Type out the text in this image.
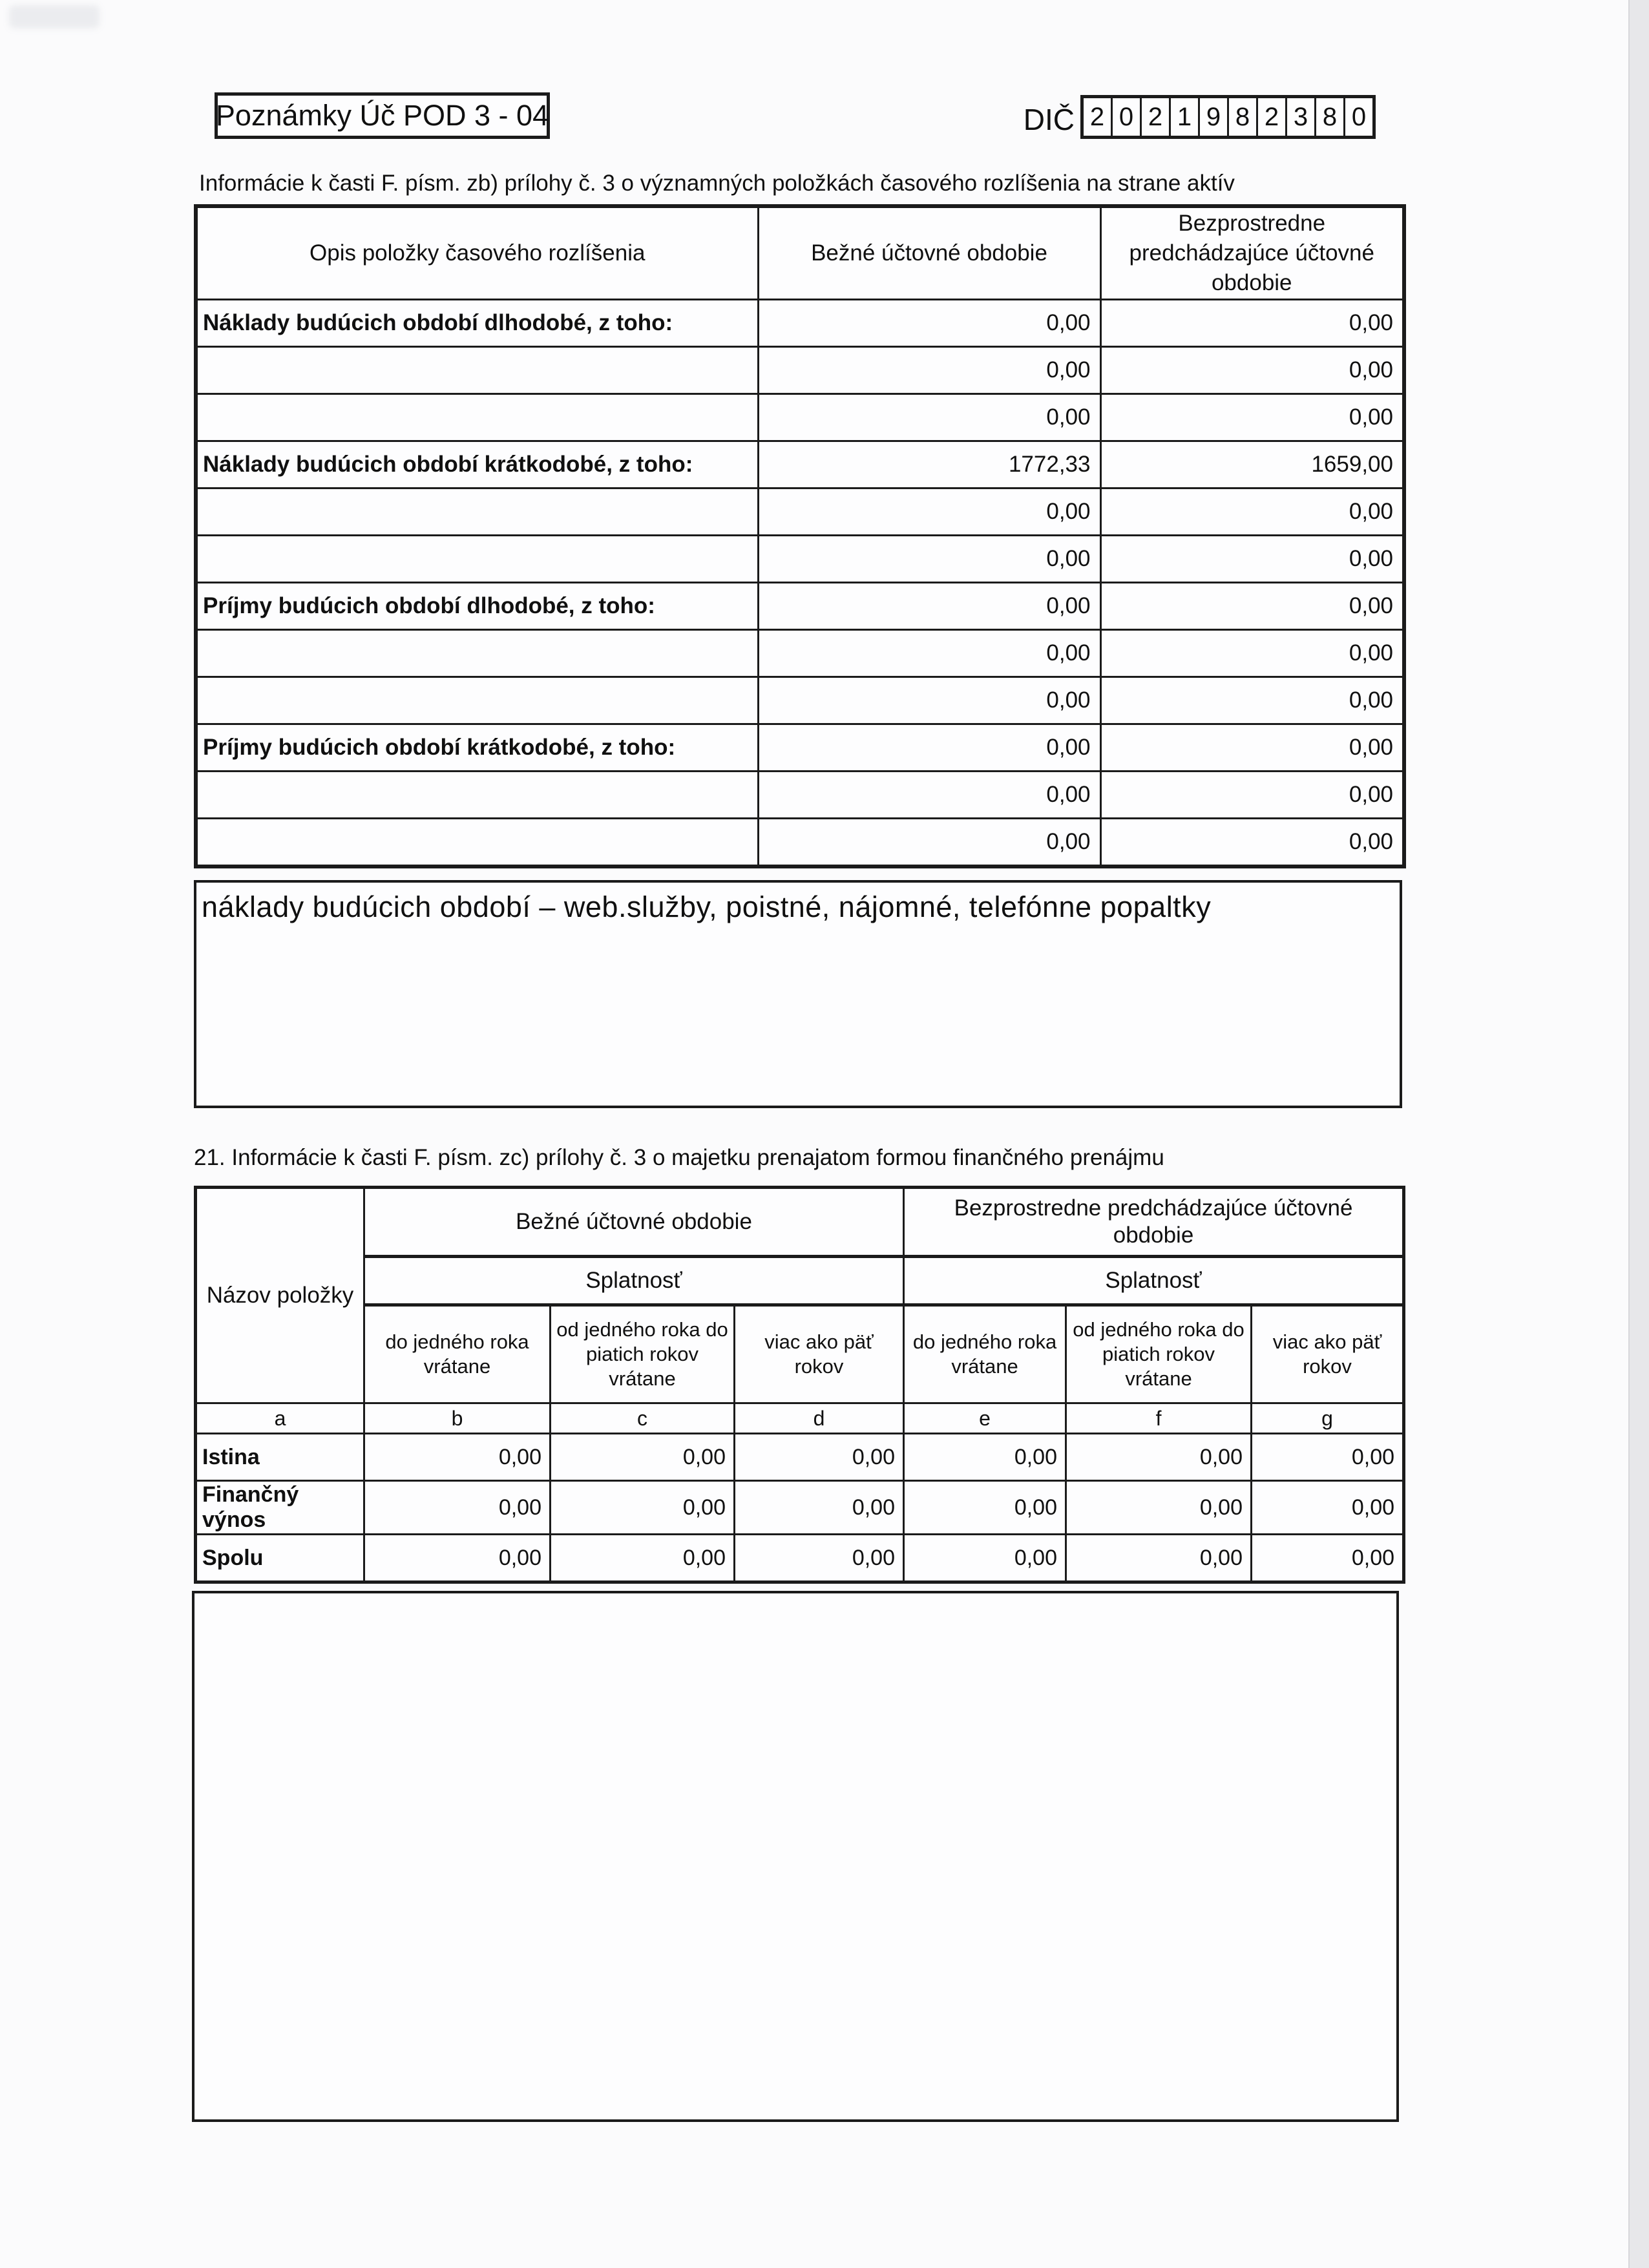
Poznámky Úč POD 3 - 04	DIČ 2 0 2 1 9 8 2 3 8 0
Informácie k časti F. písm. zb) prílohy č. 3 o významných položkách časového rozlíšenia na strane aktív
Opis položky časového rozlíšenia	Bežné účtovné obdobie	Bezprostredne predchádzajúce účtovné obdobie
Náklady budúcich období dlhodobé, z toho:	0,00	0,00
	0,00	0,00
	0,00	0,00
Náklady budúcich období krátkodobé, z toho:	1772,33	1659,00
	0,00	0,00
	0,00	0,00
Príjmy budúcich období dlhodobé, z toho:	0,00	0,00
	0,00	0,00
	0,00	0,00
Príjmy budúcich období krátkodobé, z toho:	0,00	0,00
	0,00	0,00
	0,00	0,00
náklady budúcich období – web.služby, poistné, nájomné, telefónne popaltky
21. Informácie k časti F. písm. zc) prílohy č. 3 o majetku prenajatom formou finančného prenájmu
Názov položky	Bežné účtovné obdobie			Bezprostredne predchádzajúce účtovné obdobie		
	Splatnosť			Splatnosť		
	do jedného roka vrátane	od jedného roka do piatich rokov vrátane	viac ako päť rokov	do jedného roka vrátane	od jedného roka do piatich rokov vrátane	viac ako päť rokov
a	b	c	d	e	f	g
Istina	0,00	0,00	0,00	0,00	0,00	0,00
Finančný výnos	0,00	0,00	0,00	0,00	0,00	0,00
Spolu	0,00	0,00	0,00	0,00	0,00	0,00
